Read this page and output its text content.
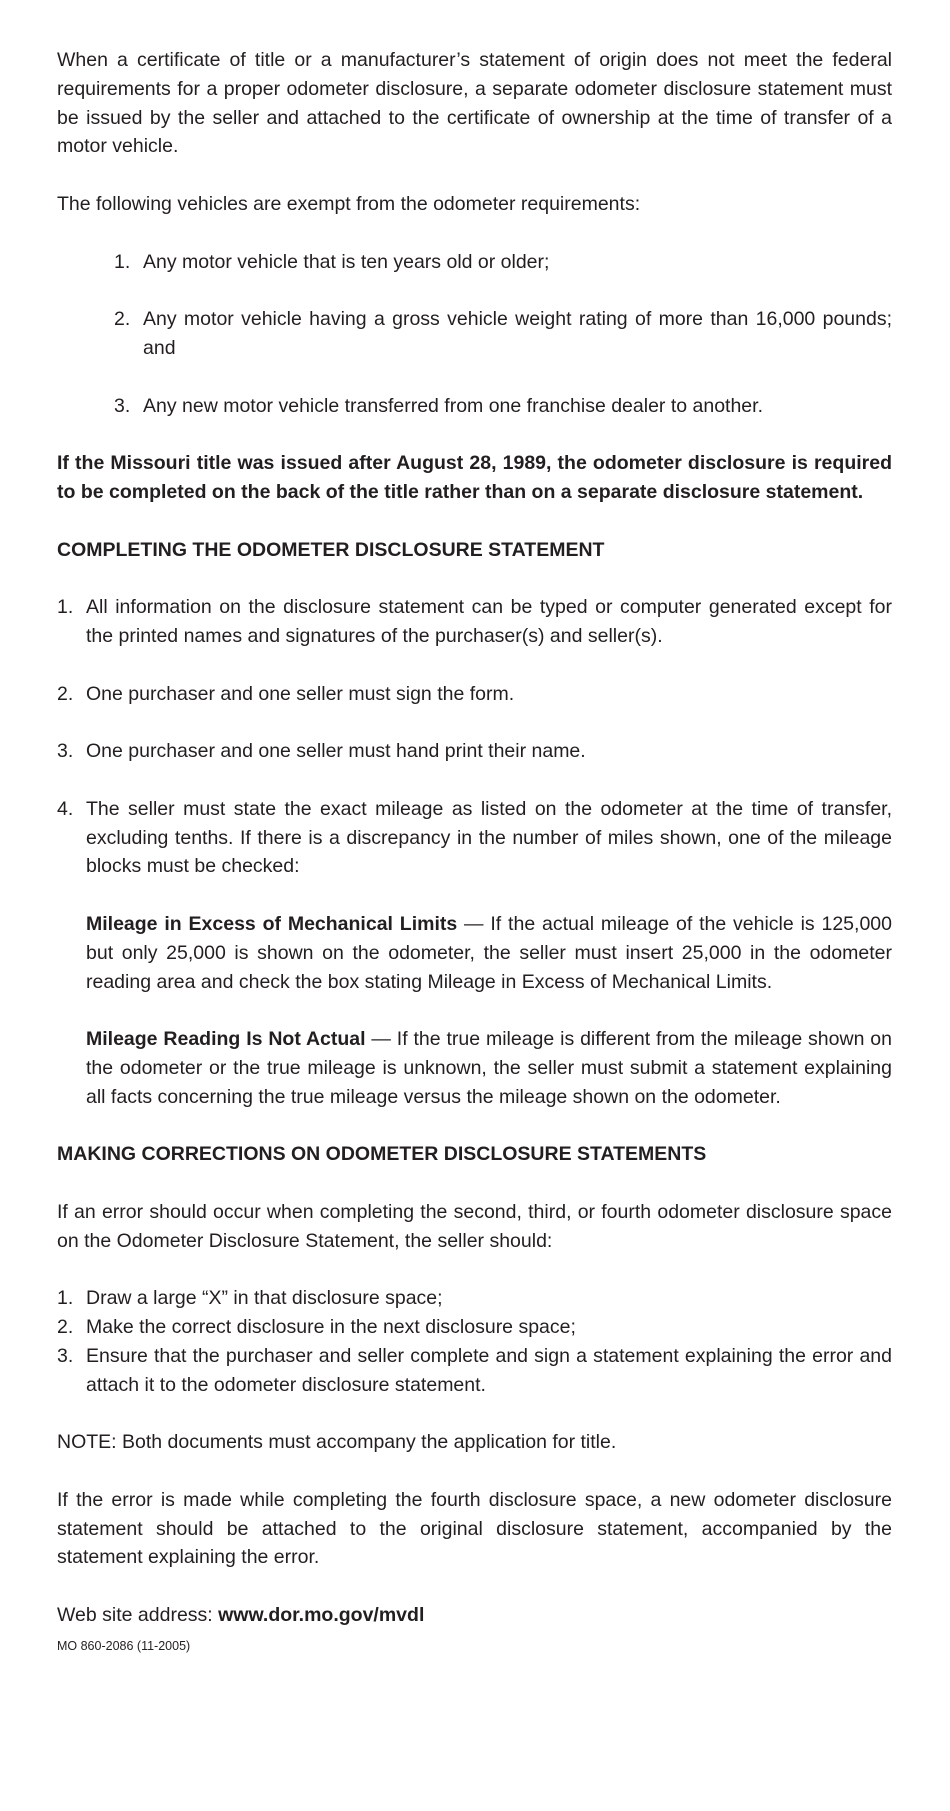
When a certificate of title or a manufacturer’s statement of origin does not meet the federal requirements for a proper odometer disclosure, a separate odometer disclosure statement must be issued by the seller and attached to the certificate of ownership at the time of transfer of a motor vehicle.

The following vehicles are exempt from the odometer requirements:

1. Any motor vehicle that is ten years old or older;
2. Any motor vehicle having a gross vehicle weight rating of more than 16,000 pounds; and
3. Any new motor vehicle transferred from one franchise dealer to another.

If the Missouri title was issued after August 28, 1989, the odometer disclosure is required to be completed on the back of the title rather than on a separate disclosure statement.

COMPLETING THE ODOMETER DISCLOSURE STATEMENT
1. All information on the disclosure statement can be typed or computer generated except for the printed names and signatures of the purchaser(s) and seller(s).
2. One purchaser and one seller must sign the form.
3. One purchaser and one seller must hand print their name.
4. The seller must state the exact mileage as listed on the odometer at the time of transfer, excluding tenths. If there is a discrepancy in the number of miles shown, one of the mileage blocks must be checked:
Mileage in Excess of Mechanical Limits — If the actual mileage of the vehicle is 125,000 but only 25,000 is shown on the odometer, the seller must insert 25,000 in the odometer reading area and check the box stating Mileage in Excess of Mechanical Limits.
Mileage Reading Is Not Actual — If the true mileage is different from the mileage shown on the odometer or the true mileage is unknown, the seller must submit a statement explaining all facts concerning the true mileage versus the mileage shown on the odometer.
MAKING CORRECTIONS ON ODOMETER DISCLOSURE STATEMENTS

If an error should occur when completing the second, third, or fourth odometer disclosure space on the Odometer Disclosure Statement, the seller should:

1. Draw a large “X” in that disclosure space;
2. Make the correct disclosure in the next disclosure space;
3. Ensure that the purchaser and seller complete and sign a statement explaining the error and attach it to the odometer disclosure statement.

NOTE: Both documents must accompany the application for title.

If the error is made while completing the fourth disclosure space, a new odometer disclosure statement should be attached to the original disclosure statement, accompanied by the statement explaining the error.

Web site address: www.dor.mo.gov/mvdl

MO 860-2086 (11-2005)
